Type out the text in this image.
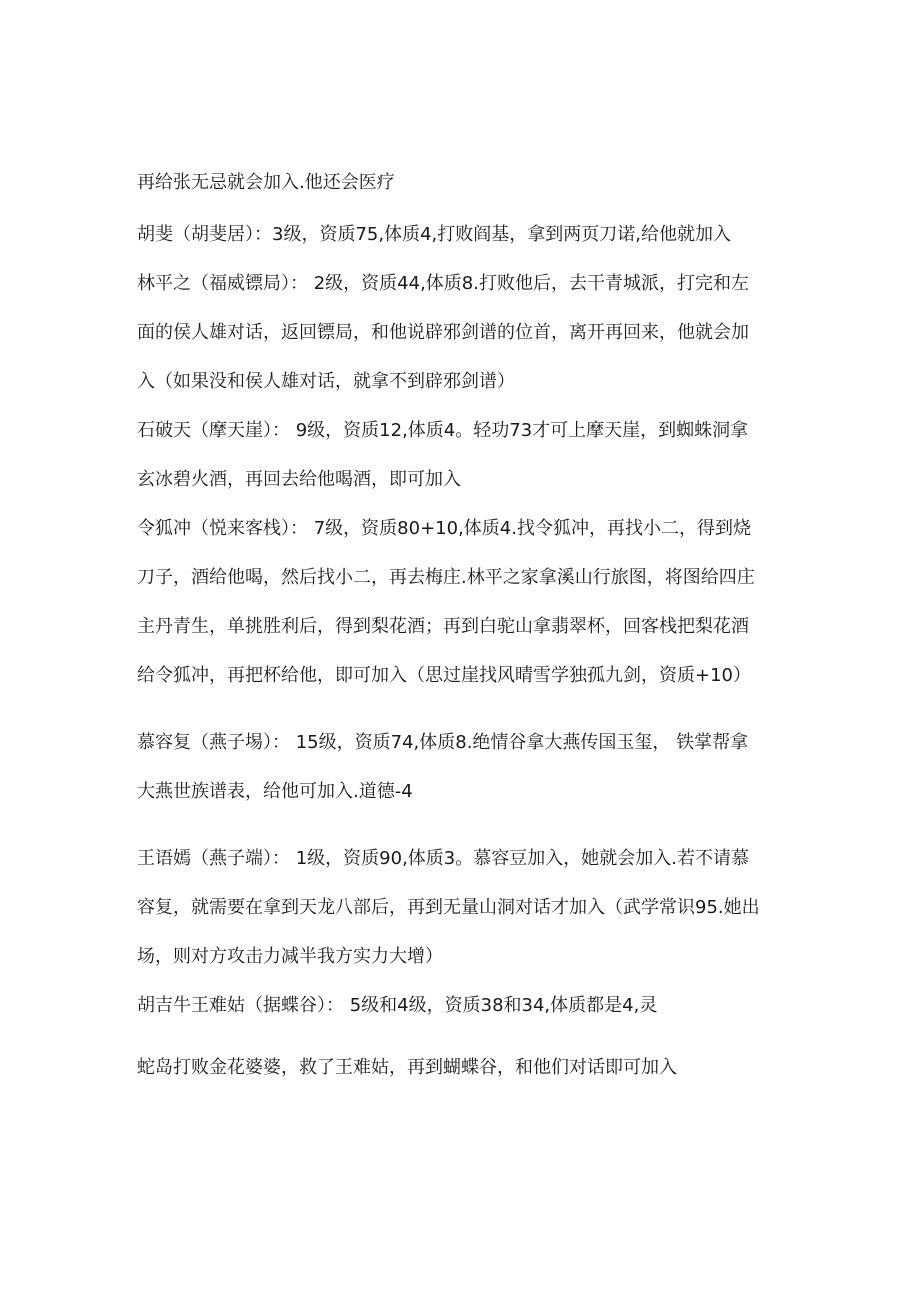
再给张无忌就会加入.他还会医疗

胡斐（胡斐居）：3级，资质75,体质4,打败阎基，拿到两页刀诺,给他就加入

林平之（福威镖局）： 2级，资质44,体质8.打败他后，去干青城派，打完和左

面的侯人雄对话，返回镖局，和他说辟邪剑谱的位首，离开再回来，他就会加

入（如果没和侯人雄对话，就拿不到辟邪剑谱）

石破天（摩天崖）： 9级，资质12,体质4。轻功73才可上摩天崖，到蜘蛛洞拿

玄冰碧火酒，再回去给他喝酒，即可加入

令狐冲（悦来客栈）： 7级，资质80+10,体质4.找令狐冲，再找小二，得到烧

刀子，酒给他喝，然后找小二，再去梅庄.林平之家拿溪山行旅图，将图给四庄

主丹青生，单挑胜利后，得到梨花酒；再到白驼山拿翡翠杯，回客栈把梨花酒

给令狐冲，再把杯给他，即可加入（思过崖找风晴雪学独孤九剑，资质+10）

慕容复（燕子埸）： 15级，资质74,体质8.绝情谷拿大燕传国玉玺， 铁掌帮拿

大燕世族谱表，给他可加入.道德-4

王语嫣（燕子端）： 1级，资质90,体质3。慕容豆加入，她就会加入.若不请慕

容复，就需要在拿到天龙八部后，再到无量山洞对话才加入（武学常识95.她出

场，则对方攻击力减半我方实力大增）

胡吉牛王难姑（据蝶谷）： 5级和4级，资质38和34,体质都是4,灵

蛇岛打败金花婆婆，救了王难姑，再到蝴蝶谷，和他们对话即可加入
